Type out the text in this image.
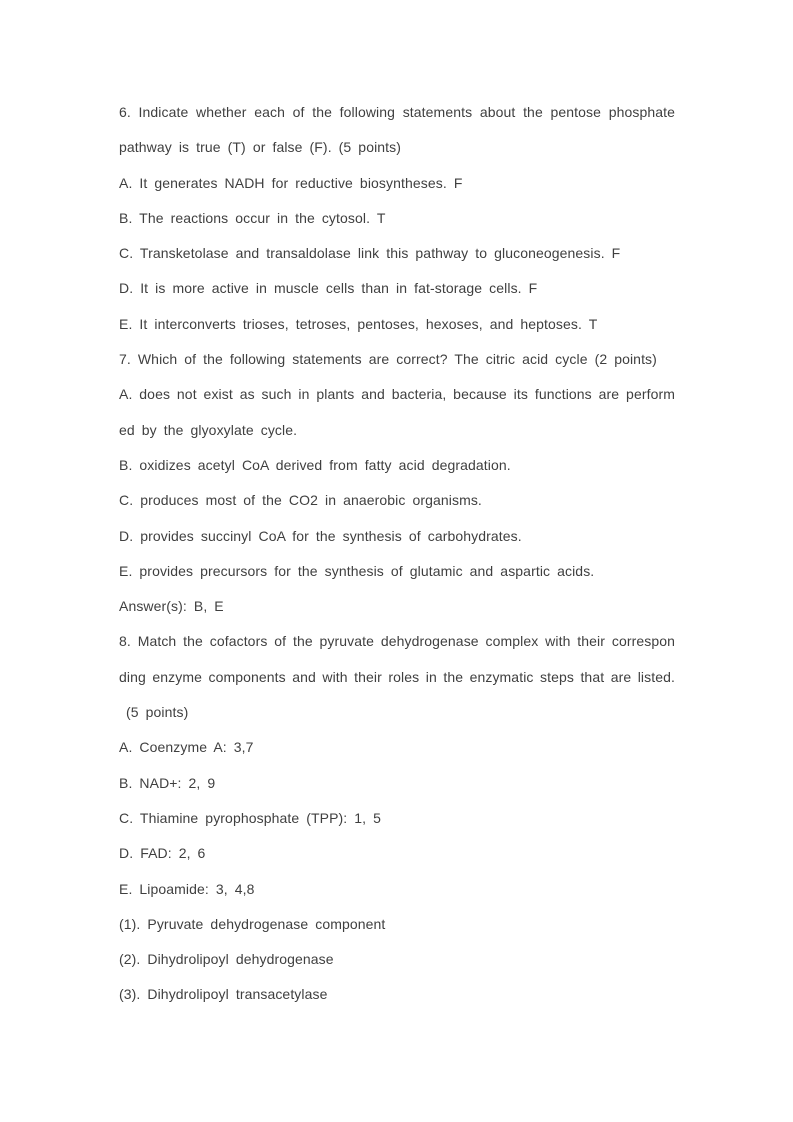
6. Indicate whether each of the following statements about the pentose phosphate
pathway is true (T) or false (F). (5 points)
A. It generates NADH for reductive biosyntheses. F
B. The reactions occur in the cytosol. T
C. Transketolase and transaldolase link this pathway to gluconeogenesis. F
D. It is more active in muscle cells than in fat-storage cells. F
E. It interconverts trioses, tetroses, pentoses, hexoses, and heptoses. T
7. Which of the following statements are correct? The citric acid cycle (2 points)
A. does not exist as such in plants and bacteria, because its functions are perform
ed by the glyoxylate cycle.
B. oxidizes acetyl CoA derived from fatty acid degradation.
C. produces most of the CO2 in anaerobic organisms.
D. provides succinyl CoA for the synthesis of carbohydrates.
E. provides precursors for the synthesis of glutamic and aspartic acids.
Answer(s): B, E
8. Match the cofactors of the pyruvate dehydrogenase complex with their correspon
ding enzyme components and with their roles in the enzymatic steps that are listed.
(5 points)
A. Coenzyme A: 3,7
B. NAD+: 2, 9
C. Thiamine pyrophosphate (TPP): 1, 5
D. FAD: 2, 6
E. Lipoamide: 3, 4,8
(1). Pyruvate dehydrogenase component
(2). Dihydrolipoyl dehydrogenase
(3). Dihydrolipoyl transacetylase
